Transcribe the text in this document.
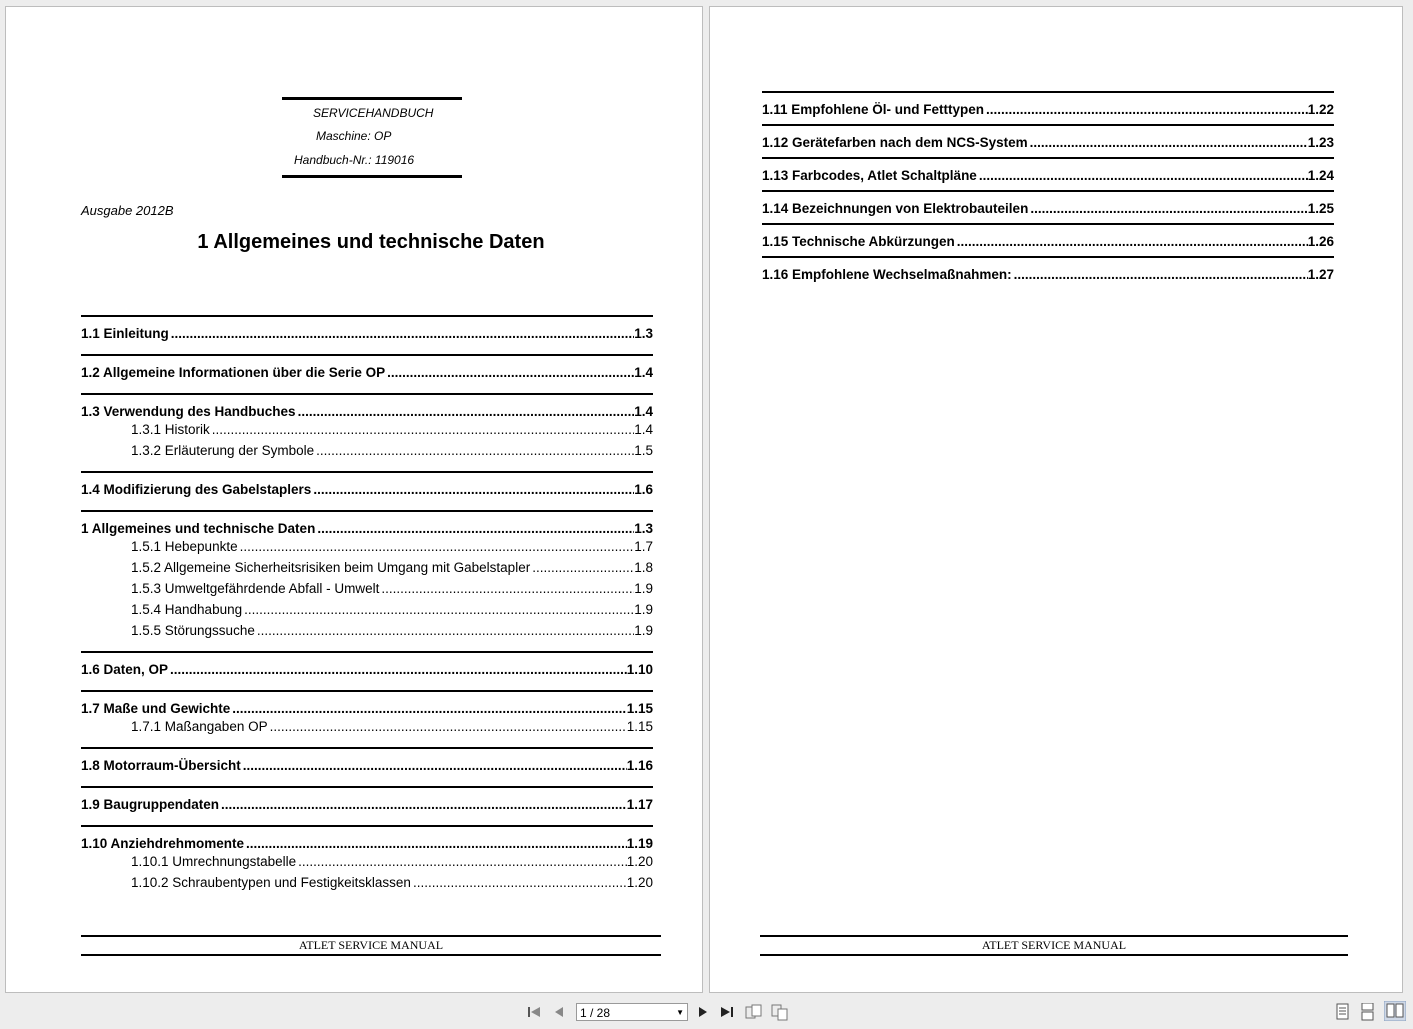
SERVICEHANDBUCH
Maschine: OP
Handbuch-Nr.: 119016
Ausgabe 2012B
1 Allgemeines und technische Daten
1.1 Einleitung .....	1.3
1.2 Allgemeine Informationen über die Serie OP .....	1.4
1.3 Verwendung des Handbuches .....	1.4
1.3.1 Historik .....	1.4
1.3.2 Erläuterung der Symbole .....	1.5
1.4 Modifizierung des Gabelstaplers .....	1.6
1 Allgemeines und technische Daten .....	1.3
1.5.1 Hebepunkte .....	1.7
1.5.2 Allgemeine Sicherheitsrisiken beim Umgang mit Gabelstapler .....	1.8
1.5.3 Umweltgefährdende Abfall - Umwelt .....	1.9
1.5.4 Handhabung .....	1.9
1.5.5 Störungssuche .....	1.9
1.6 Daten, OP .....	1.10
1.7 Maße und Gewichte .....	1.15
1.7.1 Maßangaben OP .....	1.15
1.8 Motorraum-Übersicht .....	1.16
1.9 Baugruppendaten .....	1.17
1.10 Anziehdrehmomente .....	1.19
1.10.1 Umrechnungstabelle .....	1.20
1.10.2 Schraubentypen und Festigkeitsklassen .....	1.20
ATLET SERVICE MANUAL
1.11 Empfohlene Öl- und Fetttypen .....	1.22
1.12 Gerätefarben nach dem NCS-System .....	1.23
1.13 Farbcodes, Atlet Schaltpläne .....	1.24
1.14 Bezeichnungen von Elektrobauteilen .....	1.25
1.15 Technische Abkürzungen .....	1.26
1.16 Empfohlene Wechselmaßnahmen: .....	1.27
ATLET SERVICE MANUAL
1 / 28	▼
